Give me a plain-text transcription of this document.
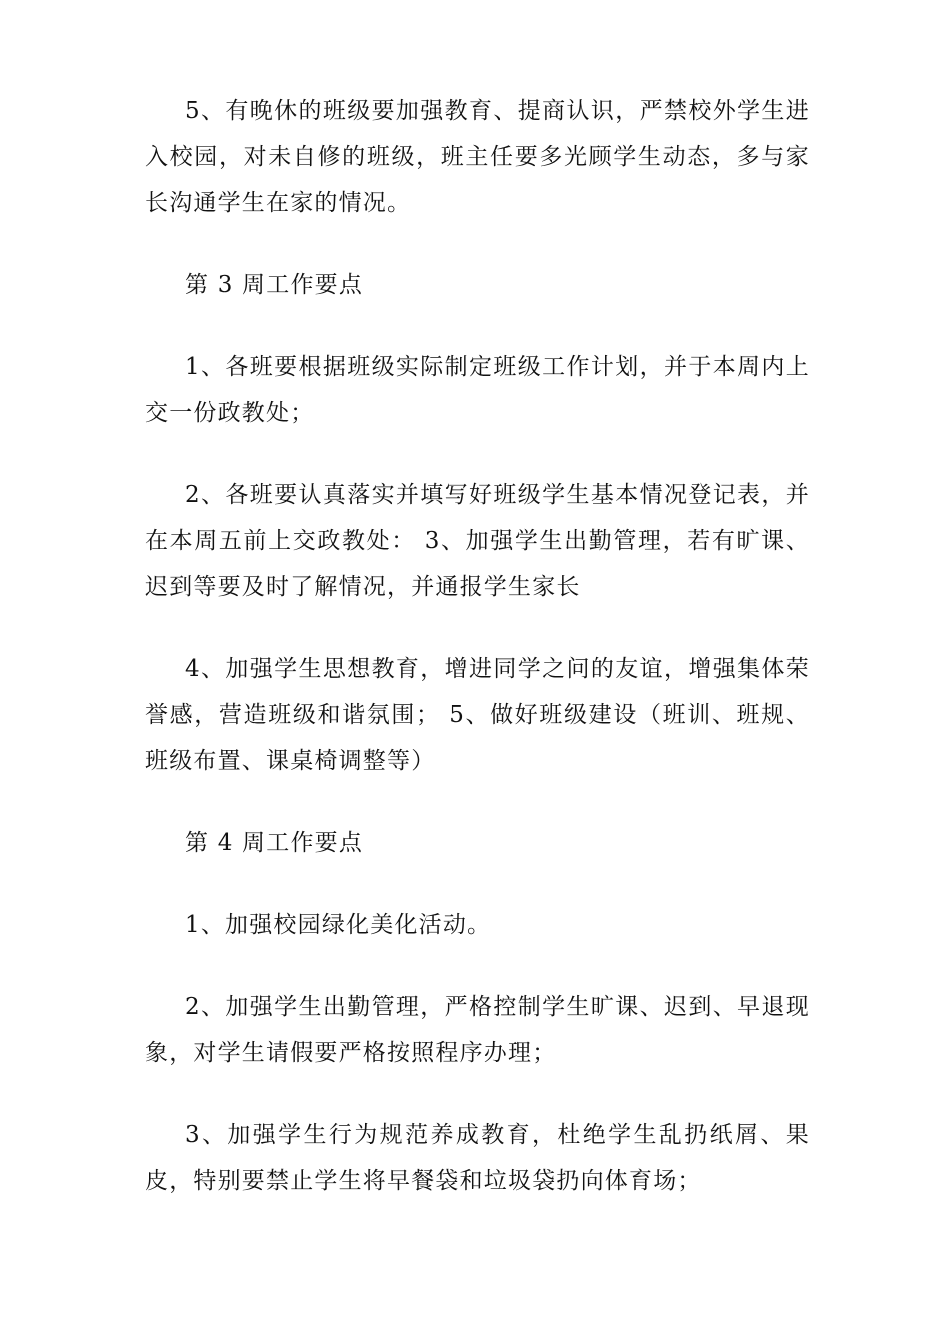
5、有晚休的班级要加强教育、提商认识，严禁校外学生进入校园，对未自修的班级，班主任要多光顾学生动态，多与家长沟通学生在家的情况。

第 3 周工作要点

1、各班要根据班级实际制定班级工作计划，并于本周内上交一份政教处；

2、各班要认真落实并填写好班级学生基本情况登记表，并在本周五前上交政教处： 3、加强学生出勤管理，若有旷课、迟到等要及时了解情况，并通报学生家长

4、加强学生思想教育，增进同学之问的友谊，增强集体荣誉感，营造班级和谐氛围； 5、做好班级建设（班训、班规、班级布置、课桌椅调整等）

第 4 周工作要点

1、加强校园绿化美化活动。

2、加强学生出勤管理，严格控制学生旷课、迟到、早退现象，对学生请假要严格按照程序办理；

3、加强学生行为规范养成教育，杜绝学生乱扔纸屑、果皮，特别要禁止学生将早餐袋和垃圾袋扔向体育场；
